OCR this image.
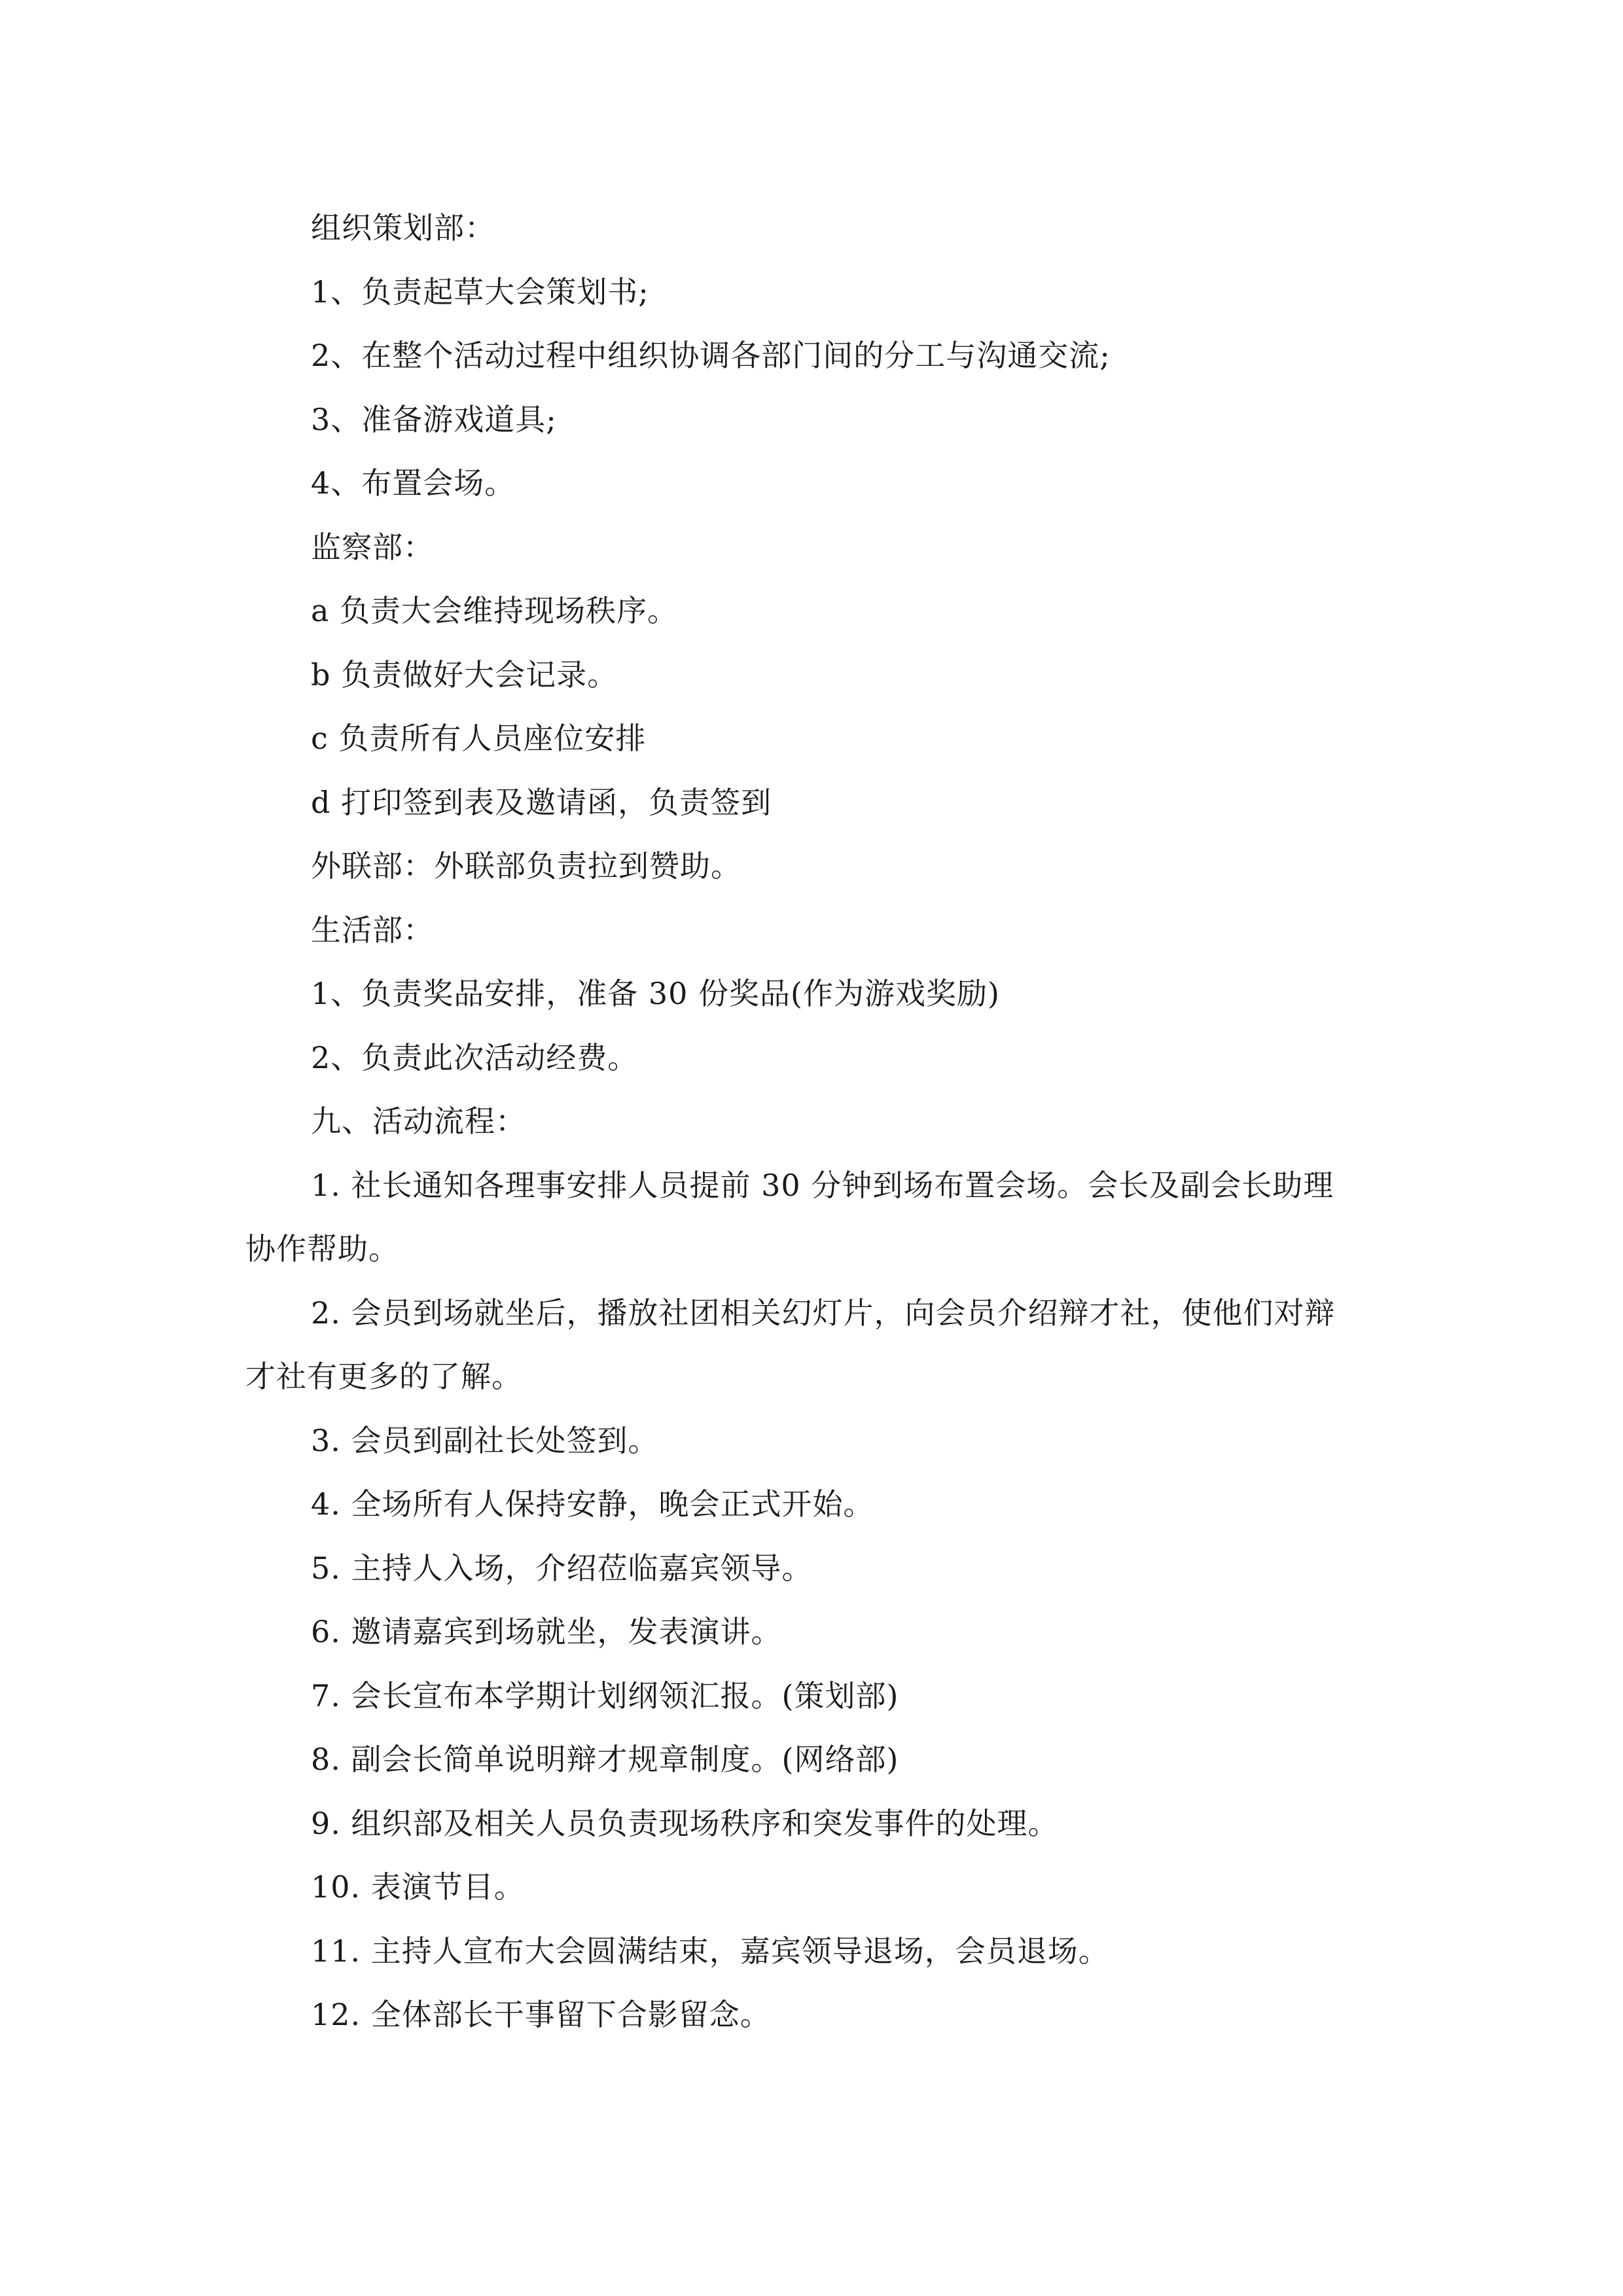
组织策划部：
1、负责起草大会策划书;
2、在整个活动过程中组织协调各部门间的分工与沟通交流;
3、准备游戏道具;
4、布置会场。
监察部：
a 负责大会维持现场秩序。
b 负责做好大会记录。
c 负责所有人员座位安排
d 打印签到表及邀请函，负责签到
外联部：外联部负责拉到赞助。
生活部：
1、负责奖品安排，准备 30 份奖品(作为游戏奖励)
2、负责此次活动经费。
九、活动流程：
1. 社长通知各理事安排人员提前 30 分钟到场布置会场。会长及副会长助理
协作帮助。
2. 会员到场就坐后，播放社团相关幻灯片，向会员介绍辩才社，使他们对辩
才社有更多的了解。
3. 会员到副社长处签到。
4. 全场所有人保持安静，晚会正式开始。
5. 主持人入场，介绍莅临嘉宾领导。
6. 邀请嘉宾到场就坐，发表演讲。
7. 会长宣布本学期计划纲领汇报。(策划部)
8. 副会长简单说明辩才规章制度。(网络部)
9. 组织部及相关人员负责现场秩序和突发事件的处理。
10. 表演节目。
11. 主持人宣布大会圆满结束，嘉宾领导退场，会员退场。
12. 全体部长干事留下合影留念。
